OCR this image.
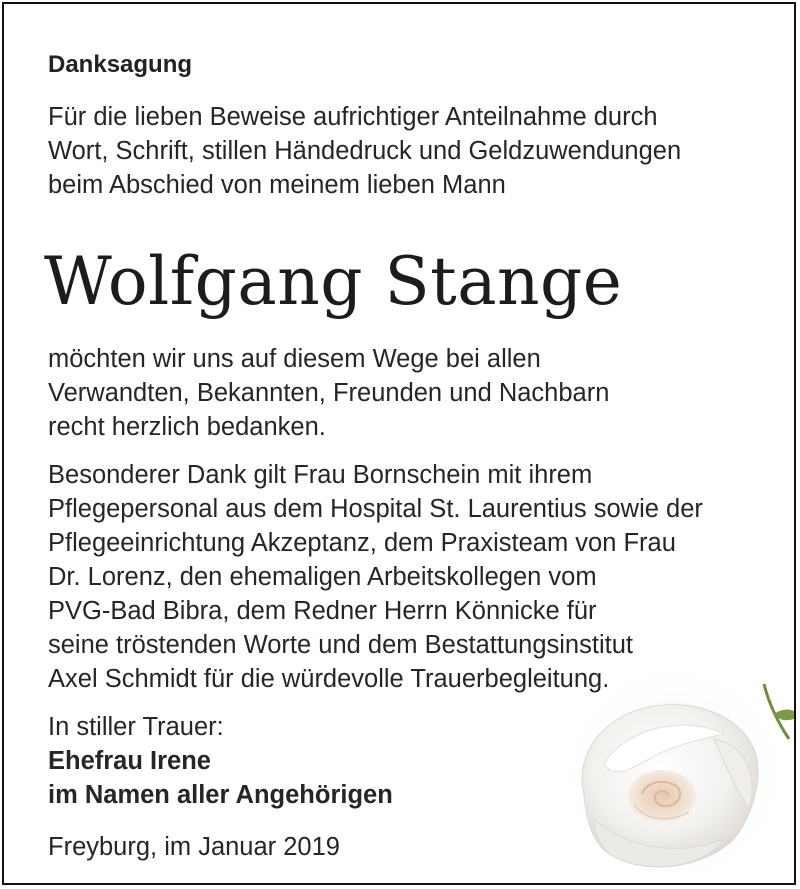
Danksagung

Für die lieben Beweise aufrichtiger Anteilnahme durch
Wort, Schrift, stillen Händedruck und Geldzuwendungen
beim Abschied von meinem lieben Mann

Wolfgang Stange

möchten wir uns auf diesem Wege bei allen
Verwandten, Bekannten, Freunden und Nachbarn
recht herzlich bedanken.

Besonderer Dank gilt Frau Bornschein mit ihrem
Pflegepersonal aus dem Hospital St. Laurentius sowie der
Pflegeeinrichtung Akzeptanz, dem Praxisteam von Frau
Dr. Lorenz, den ehemaligen Arbeitskollegen vom
PVG-Bad Bibra, dem Redner Herrn Könnicke für
seine tröstenden Worte und dem Bestattungsinstitut
Axel Schmidt für die würdevolle Trauerbegleitung.

In stiller Trauer:
Ehefrau Irene
im Namen aller Angehörigen

Freyburg, im Januar 2019
